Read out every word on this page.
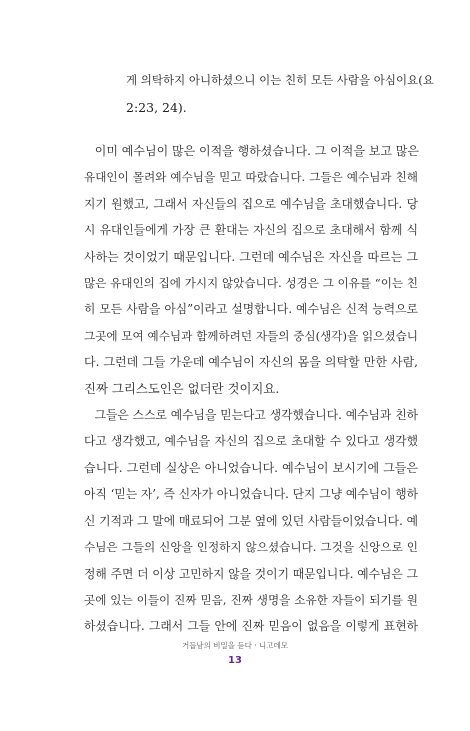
게 의탁하지 아니하셨으니 이는 친히 모든 사람을 아심이요(요
2:23, 24).
이미 예수님이 많은 이적을 행하셨습니다. 그 이적을 보고 많은
유대인이 몰려와 예수님을 믿고 따랐습니다. 그들은 예수님과 친해
지기 원했고, 그래서 자신들의 집으로 예수님을 초대했습니다. 당
시 유대인들에게 가장 큰 환대는 자신의 집으로 초대해서 함께 식
사하는 것이었기 때문입니다. 그런데 예수님은 자신을 따르는 그
많은 유대인의 집에 가시지 않았습니다. 성경은 그 이유를 “이는 친
히 모든 사람을 아심”이라고 설명합니다. 예수님은 신적 능력으로
그곳에 모여 예수님과 함께하려던 자들의 중심(생각)을 읽으셨습니
다. 그런데 그들 가운데 예수님이 자신의 몸을 의탁할 만한 사람,
진짜 그리스도인은 없더란 것이지요.
그들은 스스로 예수님을 믿는다고 생각했습니다. 예수님과 친하
다고 생각했고, 예수님을 자신의 집으로 초대할 수 있다고 생각했
습니다. 그런데 실상은 아니었습니다. 예수님이 보시기에 그들은
아직 ‘믿는 자’, 즉 신자가 아니었습니다. 단지 그냥 예수님이 행하
신 기적과 그 말에 매료되어 그분 옆에 있던 사람들이었습니다. 예
수님은 그들의 신앙을 인정하지 않으셨습니다. 그것을 신앙으로 인
정해 주면 더 이상 고민하지 않을 것이기 때문입니다. 예수님은 그
곳에 있는 이들이 진짜 믿음, 진짜 생명을 소유한 자들이 되기를 원
하셨습니다. 그래서 그들 안에 진짜 믿음이 없음을 이렇게 표현하
거듭남의 비밀을 듣다 · 니고데모
13
